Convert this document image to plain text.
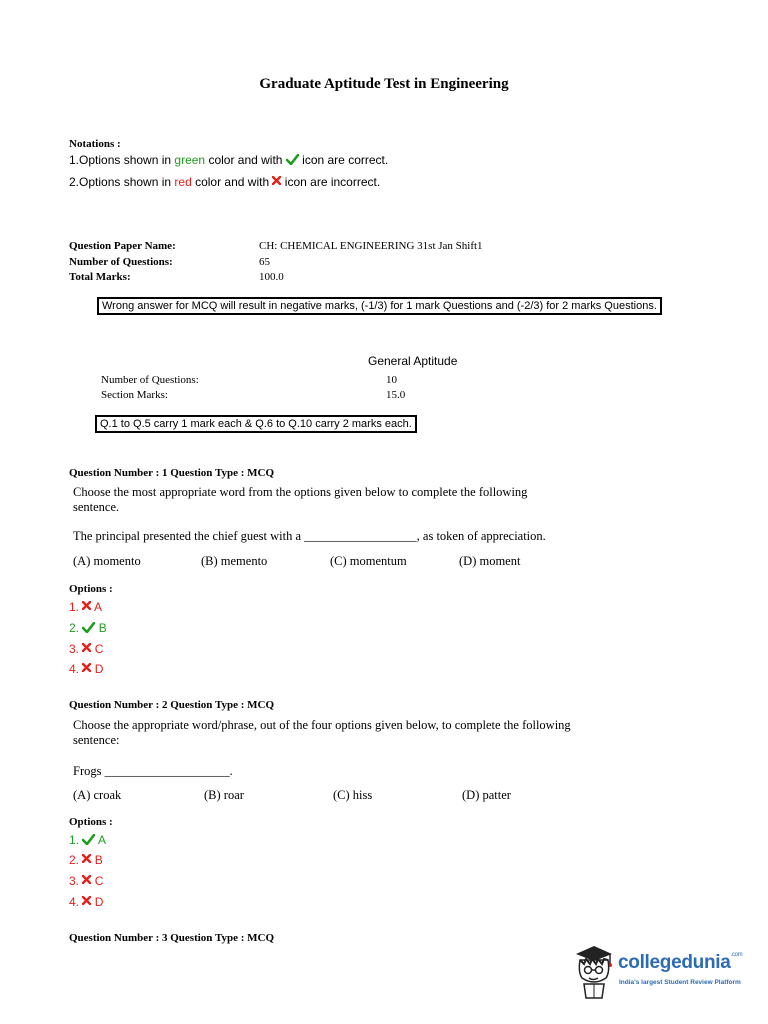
Graduate Aptitude Test in Engineering
Notations :
1.Options shown in green color and with  icon are correct.
2.Options shown in red color and with  icon are incorrect.
Question Paper Name:	CH: CHEMICAL ENGINEERING 31st Jan Shift1
Number of Questions:	65
Total Marks:	100.0
Wrong answer for MCQ will result in negative marks, (-1/3) for 1 mark Questions and (-2/3) for 2 marks Questions.
General Aptitude
Number of Questions:	10
Section Marks:	15.0
Q.1 to Q.5 carry 1 mark each & Q.6 to Q.10 carry 2 marks each.
Question Number : 1 Question Type : MCQ
Choose the most appropriate word from the options given below to complete the following
sentence.
The principal presented the chief guest with a __________________, as token of appreciation.
(A) momento	(B) memento	(C) momentum	(D) moment
Options :
1. A
2. B
3. C
4. D
Question Number : 2 Question Type : MCQ
Choose the appropriate word/phrase, out of the four options given below, to complete the following
sentence:
Frogs ____________________.
(A) croak	(B) roar	(C) hiss	(D) patter
Options :
1. A
2. B
3. C
4. D
Question Number : 3 Question Type : MCQ
collegedunia$^{.com}$
India's largest Student Review Platform
